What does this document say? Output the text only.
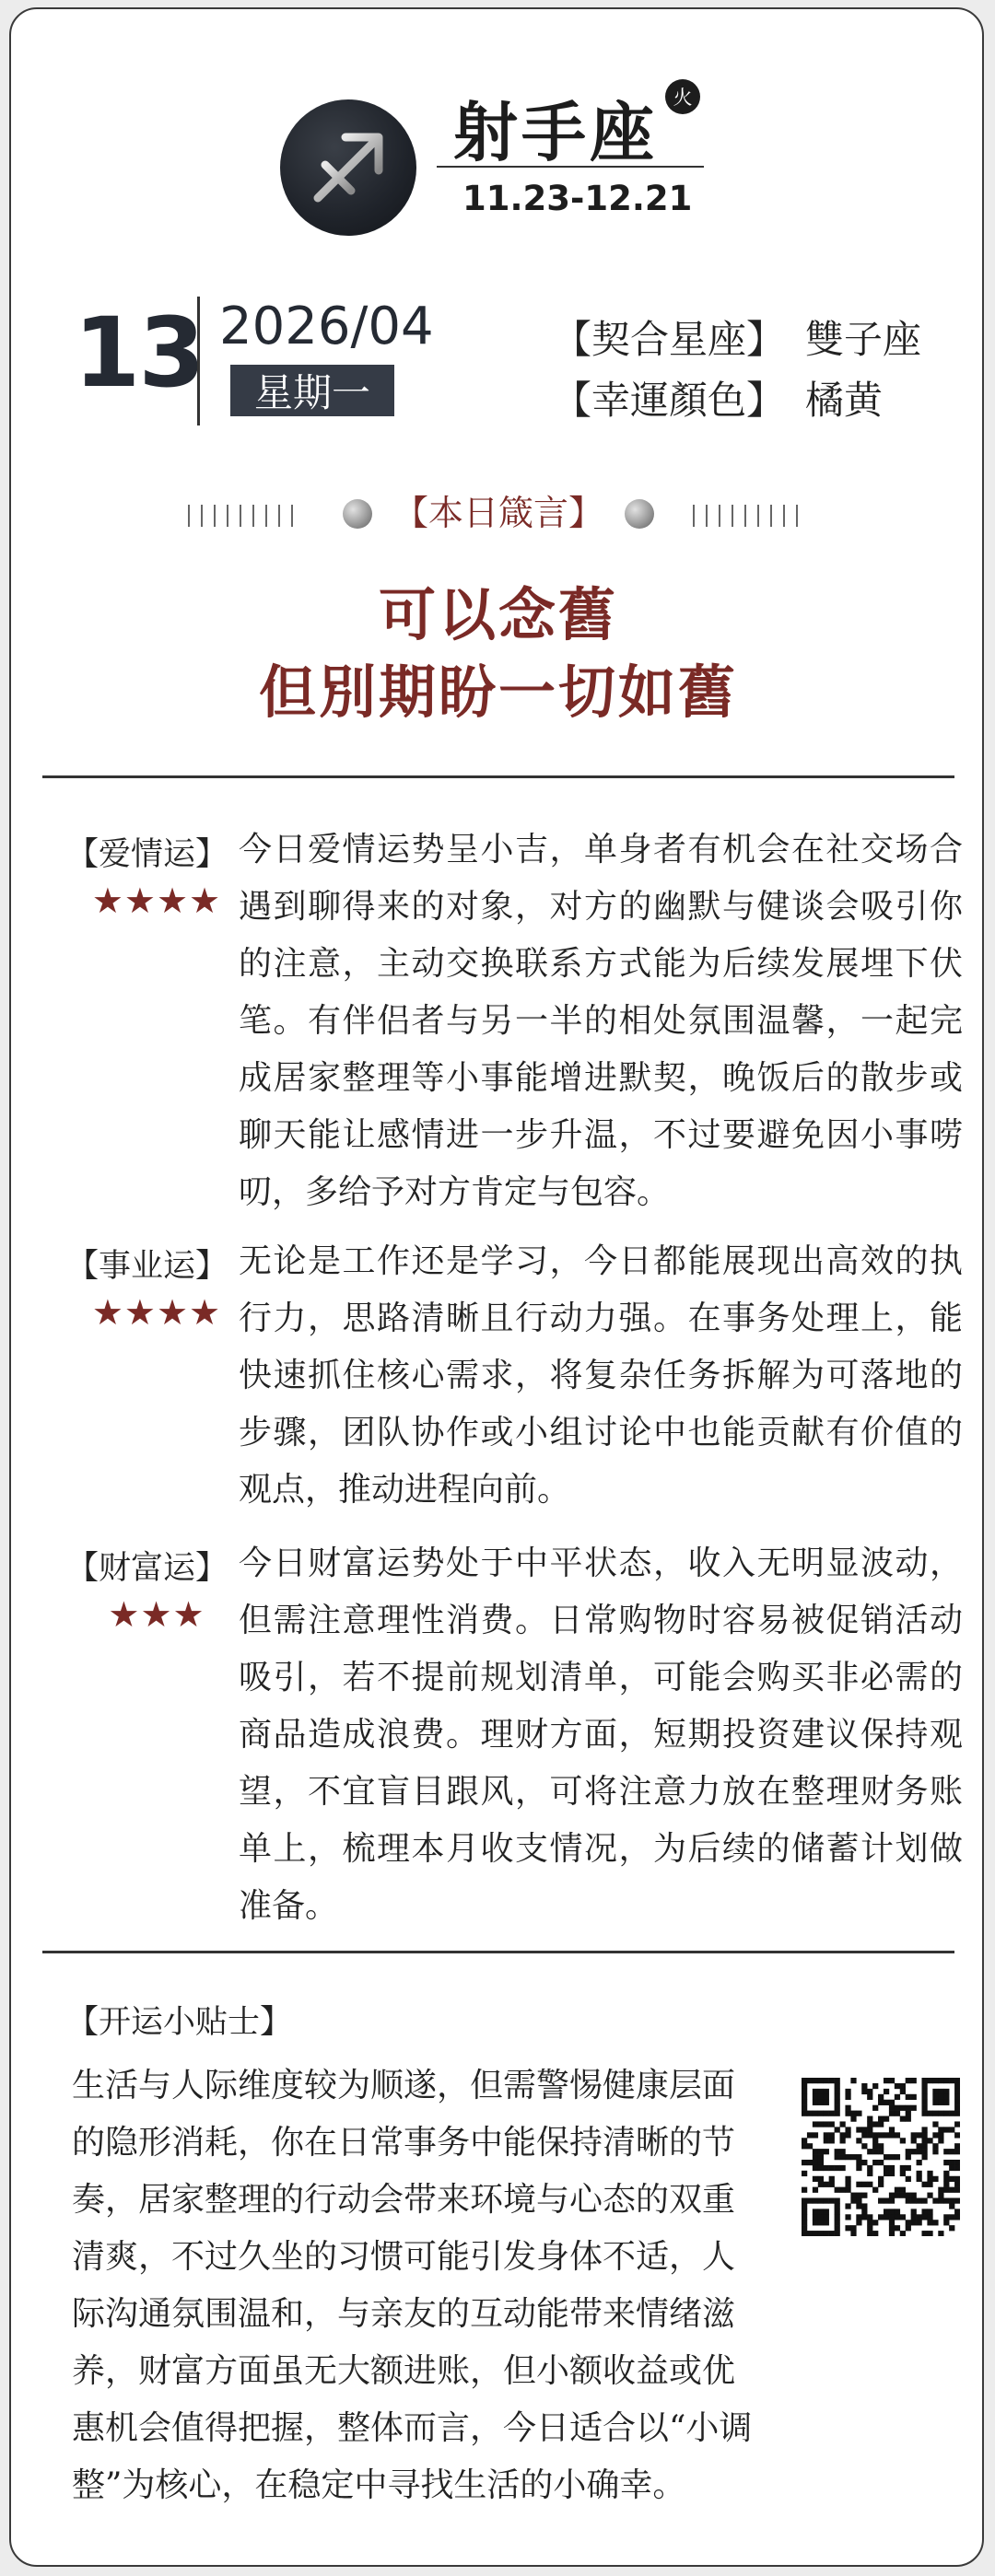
射手座 火
11.23-12.21
13 2026/04
星期一
【契合星座】 雙子座
【幸運顏色】 橘黄
【本日箴言】
可以念舊
但別期盼一切如舊
【爱情运】
★★★★
今日爱情运势呈小吉，单身者有机会在社交场合遇到聊得来的对象，对方的幽默与健谈会吸引你的注意，主动交换联系方式能为后续发展埋下伏笔。有伴侣者与另一半的相处氛围温馨，一起完成居家整理等小事能增进默契，晚饭后的散步或聊天能让感情进一步升温，不过要避免因小事唠叨，多给予对方肯定与包容。
【事业运】
★★★★
无论是工作还是学习，今日都能展现出高效的执行力，思路清晰且行动力强。在事务处理上，能快速抓住核心需求，将复杂任务拆解为可落地的步骤，团队协作或小组讨论中也能贡献有价值的观点，推动进程向前。
【财富运】
★★★
今日财富运势处于中平状态，收入无明显波动，但需注意理性消费。日常购物时容易被促销活动吸引，若不提前规划清单，可能会购买非必需的商品造成浪费。理财方面，短期投资建议保持观望，不宜盲目跟风，可将注意力放在整理财务账单上，梳理本月收支情况，为后续的储蓄计划做准备。
【开运小贴士】
生活与人际维度较为顺遂，但需警惕健康层面的隐形消耗，你在日常事务中能保持清晰的节奏，居家整理的行动会带来环境与心态的双重清爽，不过久坐的习惯可能引发身体不适，人际沟通氛围温和，与亲友的互动能带来情绪滋养，财富方面虽无大额进账，但小额收益或优惠机会值得把握，整体而言，今日适合以“小调整”为核心，在稳定中寻找生活的小确幸。
